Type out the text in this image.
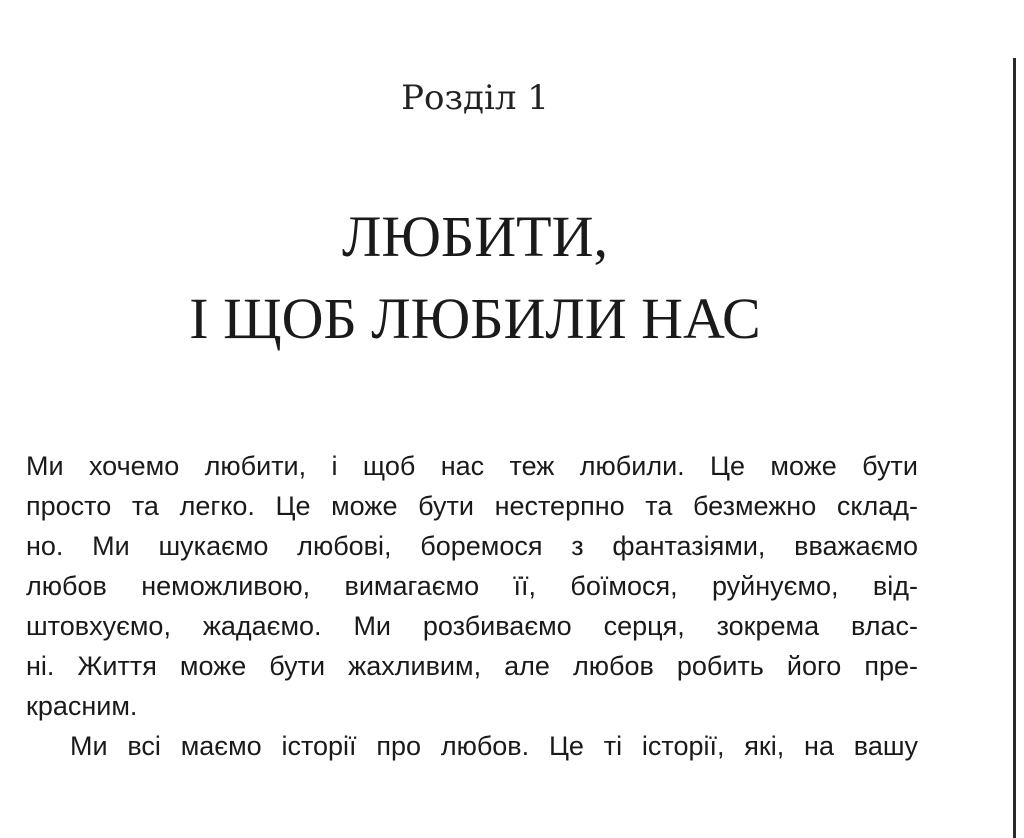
Розділ 1
ЛЮБИТИ,
І ЩОБ ЛЮБИЛИ НАС
Ми хочемо любити, і щоб нас теж любили. Це може бути
просто та легко. Це може бути нестерпно та безмежно склад-
но. Ми шукаємо любові, боремося з фантазіями, вважаємо
любов неможливою, вимагаємо її, боїмося, руйнуємо, від-
штовхуємо, жадаємо. Ми розбиваємо серця, зокрема влас-
ні. Життя може бути жахливим, але любов робить його пре-
красним.
Ми всі маємо історії про любов. Це ті історії, які, на вашу
